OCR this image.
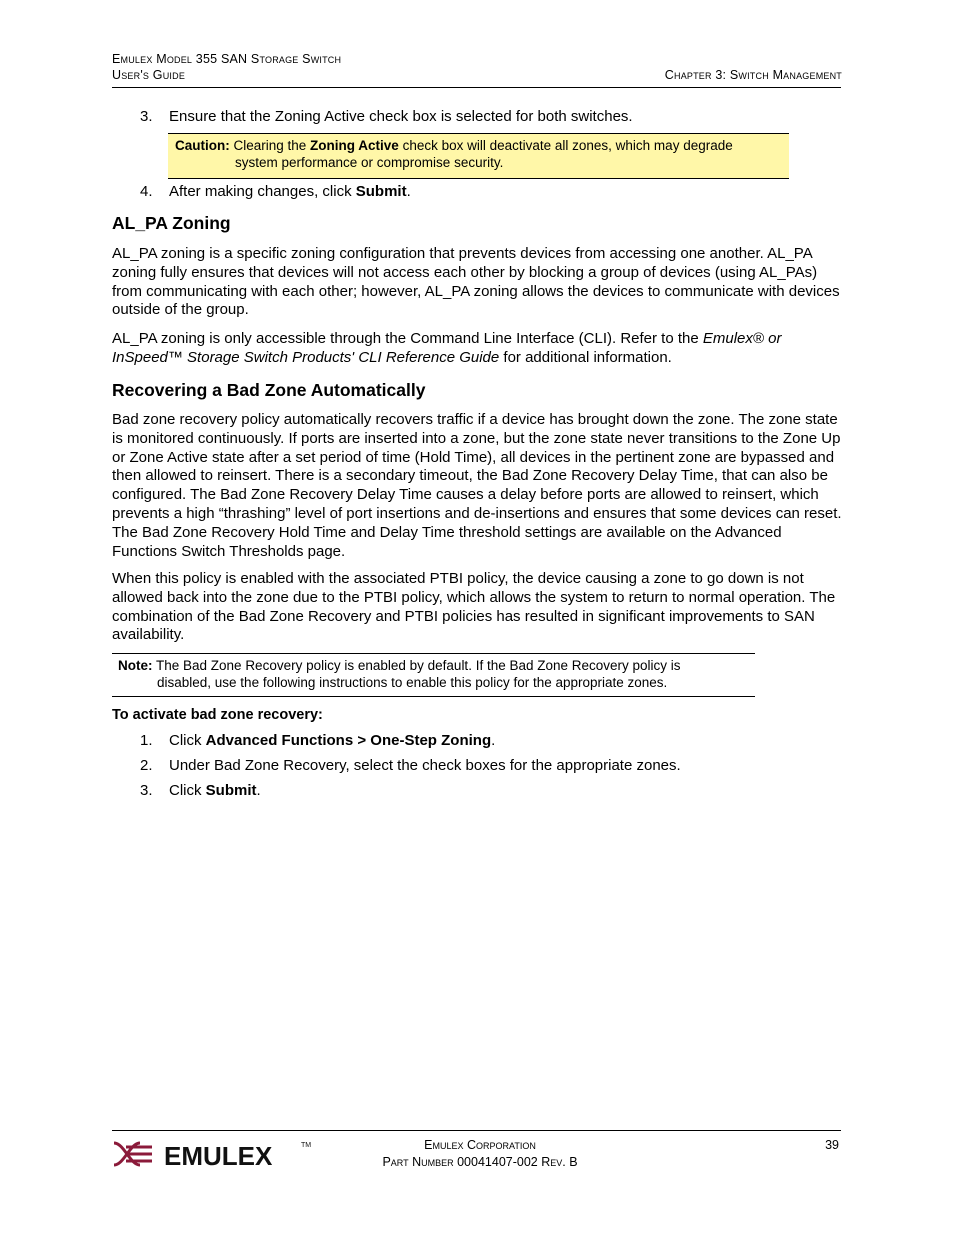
Emulex Model 355 SAN Storage Switch
User's Guide	Chapter 3: Switch Management
3.	Ensure that the Zoning Active check box is selected for both switches.
Caution: Clearing the Zoning Active check box will deactivate all zones, which may degrade
system performance or compromise security.
4.	After making changes, click Submit.
AL_PA Zoning

AL_PA zoning is a specific zoning configuration that prevents devices from accessing one another. AL_PA zoning fully ensures that devices will not access each other by blocking a group of devices (using AL_PAs) from communicating with each other; however, AL_PA zoning allows the devices to communicate with devices outside of the group.

AL_PA zoning is only accessible through the Command Line Interface (CLI). Refer to the Emulex® or InSpeed™ Storage Switch Products' CLI Reference Guide for additional information.

Recovering a Bad Zone Automatically

Bad zone recovery policy automatically recovers traffic if a device has brought down the zone. The zone state is monitored continuously. If ports are inserted into a zone, but the zone state never transitions to the Zone Up or Zone Active state after a set period of time (Hold Time), all devices in the pertinent zone are bypassed and then allowed to reinsert. There is a secondary timeout, the Bad Zone Recovery Delay Time, that can also be configured. The Bad Zone Recovery Delay Time causes a delay before ports are allowed to reinsert, which prevents a high “thrashing” level of port insertions and de-insertions and ensures that some devices can reset. The Bad Zone Recovery Hold Time and Delay Time threshold settings are available on the Advanced Functions Switch Thresholds page.

When this policy is enabled with the associated PTBI policy, the device causing a zone to go down is not allowed back into the zone due to the PTBI policy, which allows the system to return to normal operation. The combination of the Bad Zone Recovery and PTBI policies has resulted in significant improvements to SAN availability.

Note: The Bad Zone Recovery policy is enabled by default. If the Bad Zone Recovery policy is
disabled, use the following instructions to enable this policy for the appropriate zones.
To activate bad zone recovery:
1.	Click Advanced Functions > One-Step Zoning.
2.	Under Bad Zone Recovery, select the check boxes for the appropriate zones.
3.	Click Submit.
EMULEX	TM	Emulex Corporation
Part Number 00041407-002 Rev. B
39
